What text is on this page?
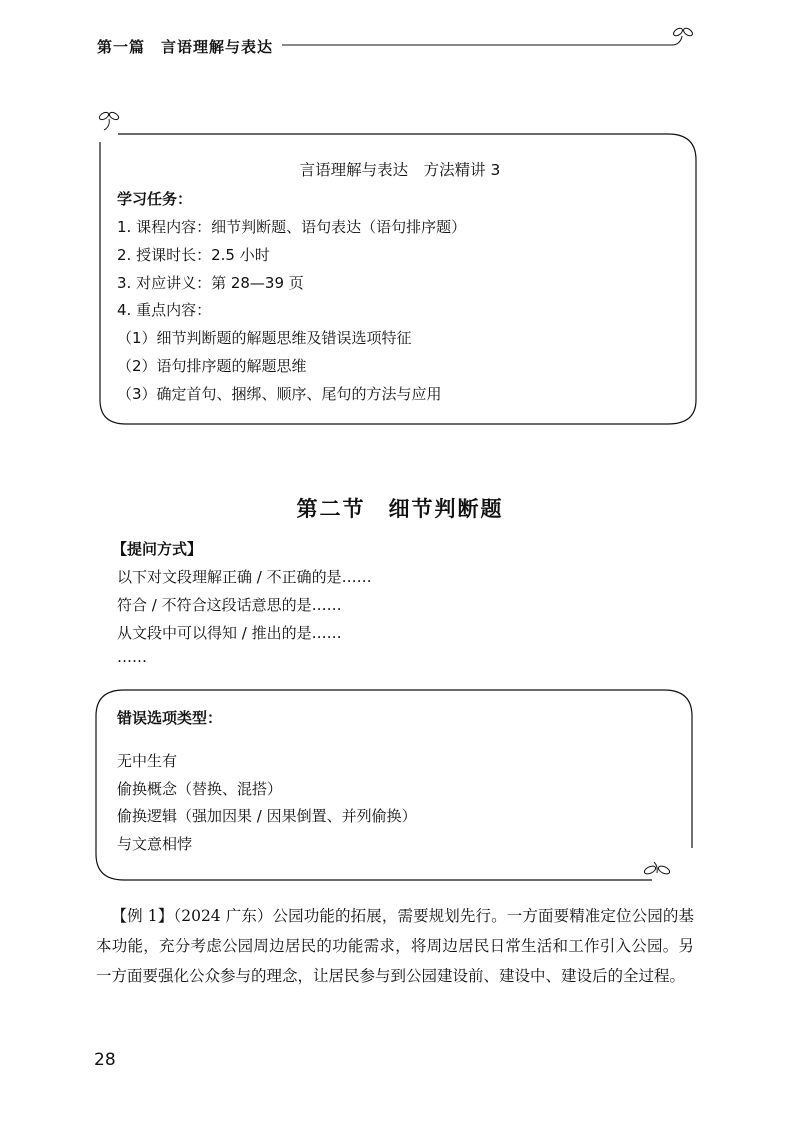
第一篇　言语理解与表达
言语理解与表达　方法精讲 3
学习任务：
1. 课程内容：细节判断题、语句表达（语句排序题）
2. 授课时长：2.5 小时
3. 对应讲义：第 28—39 页
4. 重点内容：
（1）细节判断题的解题思维及错误选项特征
（2）语句排序题的解题思维
（3）确定首句、捆绑、顺序、尾句的方法与应用
第二节　细节判断题
【提问方式】
以下对文段理解正确 / 不正确的是……
符合 / 不符合这段话意思的是……
从文段中可以得知 / 推出的是……
……
错误选项类型：
无中生有
偷换概念（替换、混搭）
偷换逻辑（强加因果 / 因果倒置、并列偷换）
与文意相悖
【例 1】（2024 广东）公园功能的拓展，需要规划先行。一方面要精准定位公园的基本功能，充分考虑公园周边居民的功能需求，将周边居民日常生活和工作引入公园。另一方面要强化公众参与的理念，让居民参与到公园建设前、建设中、建设后的全过程。
28
